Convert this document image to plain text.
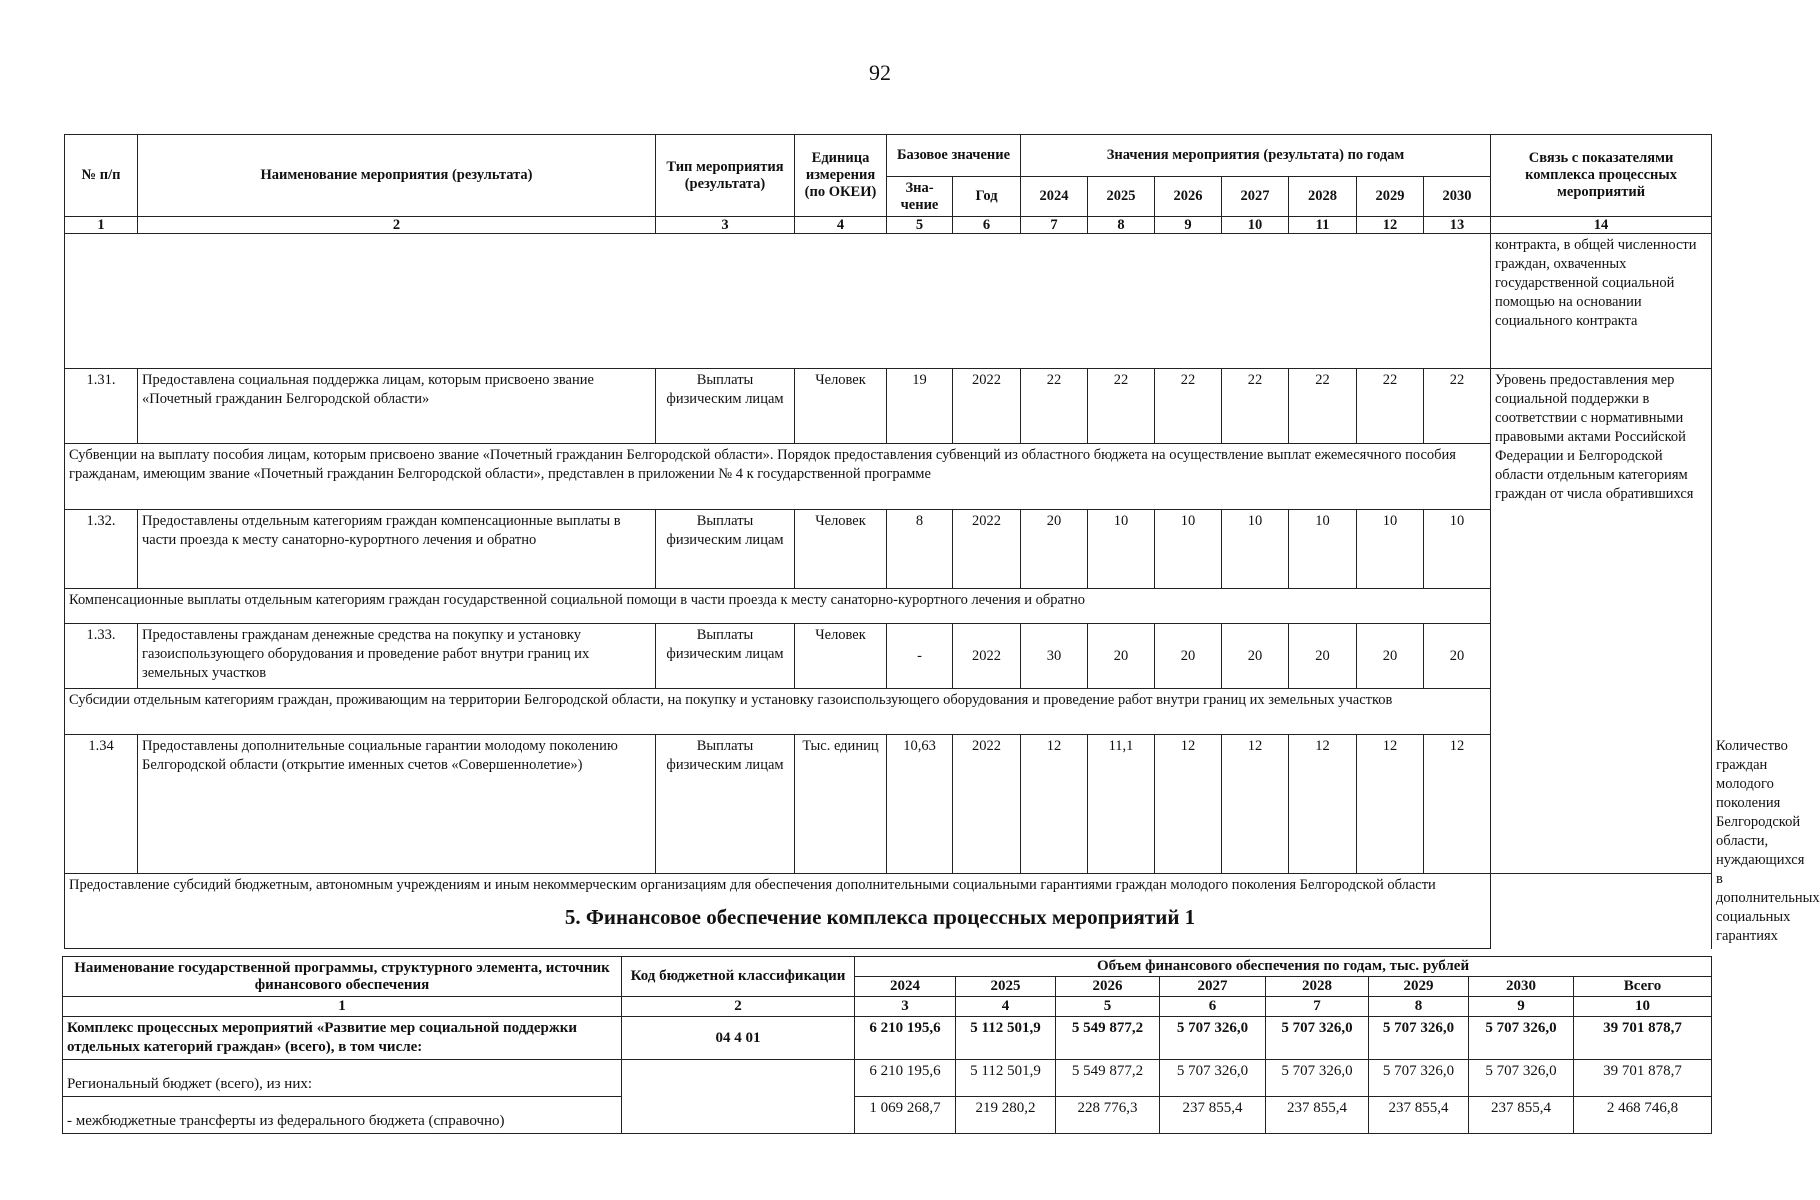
92
№ п/п	Наименование мероприятия (результата)	Тип мероприятия (результата)	Единица измерения (по ОКЕИ)	Базовое значение		Значения мероприятия (результата) по годам							Связь с показателями комплекса процессных мероприятий	
				Зна-чение	Год	2024	2025	2026	2027	2028	2029	2030		
1	2	3	4	5	6	7	8	9	10	11	12	13	14	
													контракта, в общей численности граждан, охваченных государственной социальной помощью на основании социального контракта	
1.31.	Предоставлена социальная поддержка лицам, которым присвоено звание «Почетный гражданин Белгородской области»	Выплаты физическим лицам	Человек	19	2022	22	22	22	22	22	22	22	Уровень предоставления мер социальной поддержки в соответствии с нормативными правовыми актами Российской Федерации и Белгородской области отдельным категориям граждан от числа обратившихся	
Субвенции на выплату пособия лицам, которым присвоено звание «Почетный гражданин Белгородской области». Порядок предоставления субвенций из областного бюджета на осуществление выплат ежемесячного пособия гражданам, имеющим звание «Почетный гражданин Белгородской области», представлен в приложении № 4 к государственной программе														
1.32.	Предоставлены отдельным категориям граждан компенсационные выплаты в части проезда к месту санаторно-курортного лечения и обратно	Выплаты физическим лицам	Человек	8	2022	20	10	10	10	10	10	10		
Компенсационные выплаты отдельным категориям граждан государственной социальной помощи в части проезда к месту санаторно-курортного лечения и обратно														
1.33.	Предоставлены гражданам денежные средства на покупку и установку газоиспользующего оборудования и проведение работ внутри границ их земельных участков	Выплаты физическим лицам	Человек	-	2022	30	20	20	20	20	20	20		
Субсидии отдельным категориям граждан, проживающим на территории Белгородской области, на покупку и установку газоиспользующего оборудования и проведение работ внутри границ их земельных участков														
1.34	Предоставлены дополнительные социальные гарантии молодому поколению Белгородской области (открытие именных счетов «Совершеннолетие»)	Выплаты физическим лицам	Тыс. единиц	10,63	2022	12	11,1	12	12	12	12	12		Количество граждан молодого поколения Белгородской области, нуждающихся в дополнительных социальных гарантиях
Предоставление субсидий бюджетным, автономным учреждениям и иным некоммерческим организациям для обеспечения дополнительными социальными гарантиями граждан молодого поколения Белгородской области														
5. Финансовое обеспечение комплекса процессных мероприятий 1
Наименование государственной программы, структурного элемента, источник финансового обеспечения	Код бюджетной классификации	Объем финансового обеспечения по годам, тыс. рублей							
		2024	2025	2026	2027	2028	2029	2030	Всего
1	2	3	4	5	6	7	8	9	10
Комплекс процессных мероприятий «Развитие мер социальной поддержки отдельных категорий граждан» (всего), в том числе:	04 4 01	6 210 195,6	5 112 501,9	5 549 877,2	5 707 326,0	5 707 326,0	5 707 326,0	5 707 326,0	39 701 878,7
Региональный бюджет (всего), из них:		6 210 195,6	5 112 501,9	5 549 877,2	5 707 326,0	5 707 326,0	5 707 326,0	5 707 326,0	39 701 878,7
- межбюджетные трансферты из федерального бюджета (справочно)		1 069 268,7	219 280,2	228 776,3	237 855,4	237 855,4	237 855,4	237 855,4	2 468 746,8
